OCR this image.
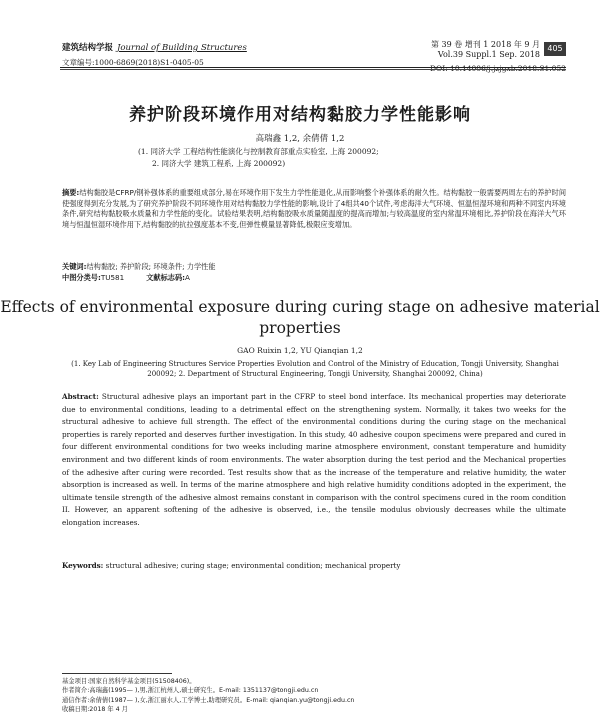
建筑结构学报 Journal of Building Structures
文章编号:1000-6869(2018)S1-0405-05
第 39 卷 增刊 1 2018 年 9 月
Vol.39 Suppl.1 Sep. 2018
DOI: 10.14006/j.jzjgxb.2018.S1.052
405
养护阶段环境作用对结构黏胶力学性能影响
高瑞鑫 1,2, 余倩倩 1,2
(1. 同济大学 工程结构性能演化与控制教育部重点实验室, 上海 200092;
2. 同济大学 建筑工程系, 上海 200092)
摘要:结构黏胶是CFRP/钢补强体系的重要组成部分,易在环境作用下发生力学性能退化,从而影响整个补强体系的耐久性。结构黏胶一般需要两周左右的养护时间使强度得到充分发展,为了研究养护阶段不同环境作用对结构黏胶力学性能的影响,设计了4组共40个试件,考虑海洋大气环境、恒温恒湿环境和两种不同室内环境条件,研究结构黏胶吸水质量和力学性能的变化。试验结果表明,结构黏胶吸水质量随温度的提高而增加;与较高温度的室内常温环境相比,养护阶段在海洋大气环境与恒温恒湿环境作用下,结构黏胶的抗拉强度基本不变,但弹性模量显著降低,极限应变增加。
关键词:结构黏胶; 养护阶段; 环境条件; 力学性能
中图分类号:TU581	文献标志码:A
Effects of environmental exposure during curing stage on adhesive material properties
GAO Ruixin 1,2, YU Qianqian 1,2
(1. Key Lab of Engineering Structures Service Properties Evolution and Control of the Ministry of Education, Tongji University, Shanghai 200092; 2. Department of Structural Engineering, Tongji University, Shanghai 200092, China)
Abstract: Structural adhesive plays an important part in the CFRP to steel bond interface. Its mechanical properties may deteriorate due to environmental conditions, leading to a detrimental effect on the strengthening system. Normally, it takes two weeks for the structural adhesive to achieve full strength. The effect of the environmental conditions during the curing stage on the mechanical properties is rarely reported and deserves further investigation. In this study, 40 adhesive coupon specimens were prepared and cured in four different environmental conditions for two weeks including marine atmosphere environment, constant temperature and humidity environment and two different kinds of room environments. The water absorption during the test period and the Mechanical properties of the adhesive after curing were recorded. Test results show that as the increase of the temperature and relative humidity, the water absorption is increased as well. In terms of the marine atmosphere and high relative humidity conditions adopted in the experiment, the ultimate tensile strength of the adhesive almost remains constant in comparison with the control specimens cured in the room condition II. However, an apparent softening of the adhesive is observed, i.e., the tensile modulus obviously decreases while the ultimate elongation increases.
Keywords: structural adhesive; curing stage; environmental condition; mechanical property
基金项目:国家自然科学基金项目(51508406)。
作者简介:高瑞鑫(1995— ),男,浙江杭州人,硕士研究生。E-mail: 1351137@tongji.edu.cn
通信作者:余倩倩(1987— ),女,浙江丽水人,工学博士,助理研究员。E-mail: qianqian.yu@tongji.edu.cn
收稿日期:2018 年 4 月
